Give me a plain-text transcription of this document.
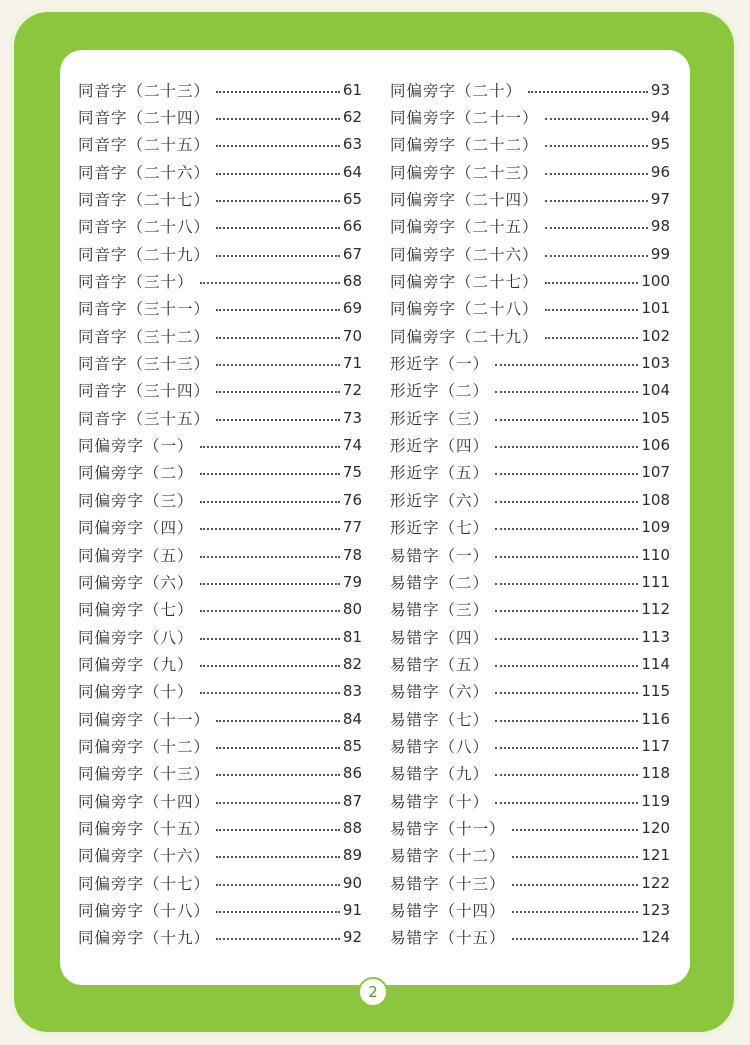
同音字（二十三）	61
同音字（二十四）	62
同音字（二十五）	63
同音字（二十六）	64
同音字（二十七）	65
同音字（二十八）	66
同音字（二十九）	67
同音字（三十）	68
同音字（三十一）	69
同音字（三十二）	70
同音字（三十三）	71
同音字（三十四）	72
同音字（三十五）	73
同偏旁字（一）	74
同偏旁字（二）	75
同偏旁字（三）	76
同偏旁字（四）	77
同偏旁字（五）	78
同偏旁字（六）	79
同偏旁字（七）	80
同偏旁字（八）	81
同偏旁字（九）	82
同偏旁字（十）	83
同偏旁字（十一）	84
同偏旁字（十二）	85
同偏旁字（十三）	86
同偏旁字（十四）	87
同偏旁字（十五）	88
同偏旁字（十六）	89
同偏旁字（十七）	90
同偏旁字（十八）	91
同偏旁字（十九）	92
同偏旁字（二十）	93
同偏旁字（二十一）	94
同偏旁字（二十二）	95
同偏旁字（二十三）	96
同偏旁字（二十四）	97
同偏旁字（二十五）	98
同偏旁字（二十六）	99
同偏旁字（二十七）	100
同偏旁字（二十八）	101
同偏旁字（二十九）	102
形近字（一）	103
形近字（二）	104
形近字（三）	105
形近字（四）	106
形近字（五）	107
形近字（六）	108
形近字（七）	109
易错字（一）	110
易错字（二）	111
易错字（三）	112
易错字（四）	113
易错字（五）	114
易错字（六）	115
易错字（七）	116
易错字（八）	117
易错字（九）	118
易错字（十）	119
易错字（十一）	120
易错字（十二）	121
易错字（十三）	122
易错字（十四）	123
易错字（十五）	124
2
